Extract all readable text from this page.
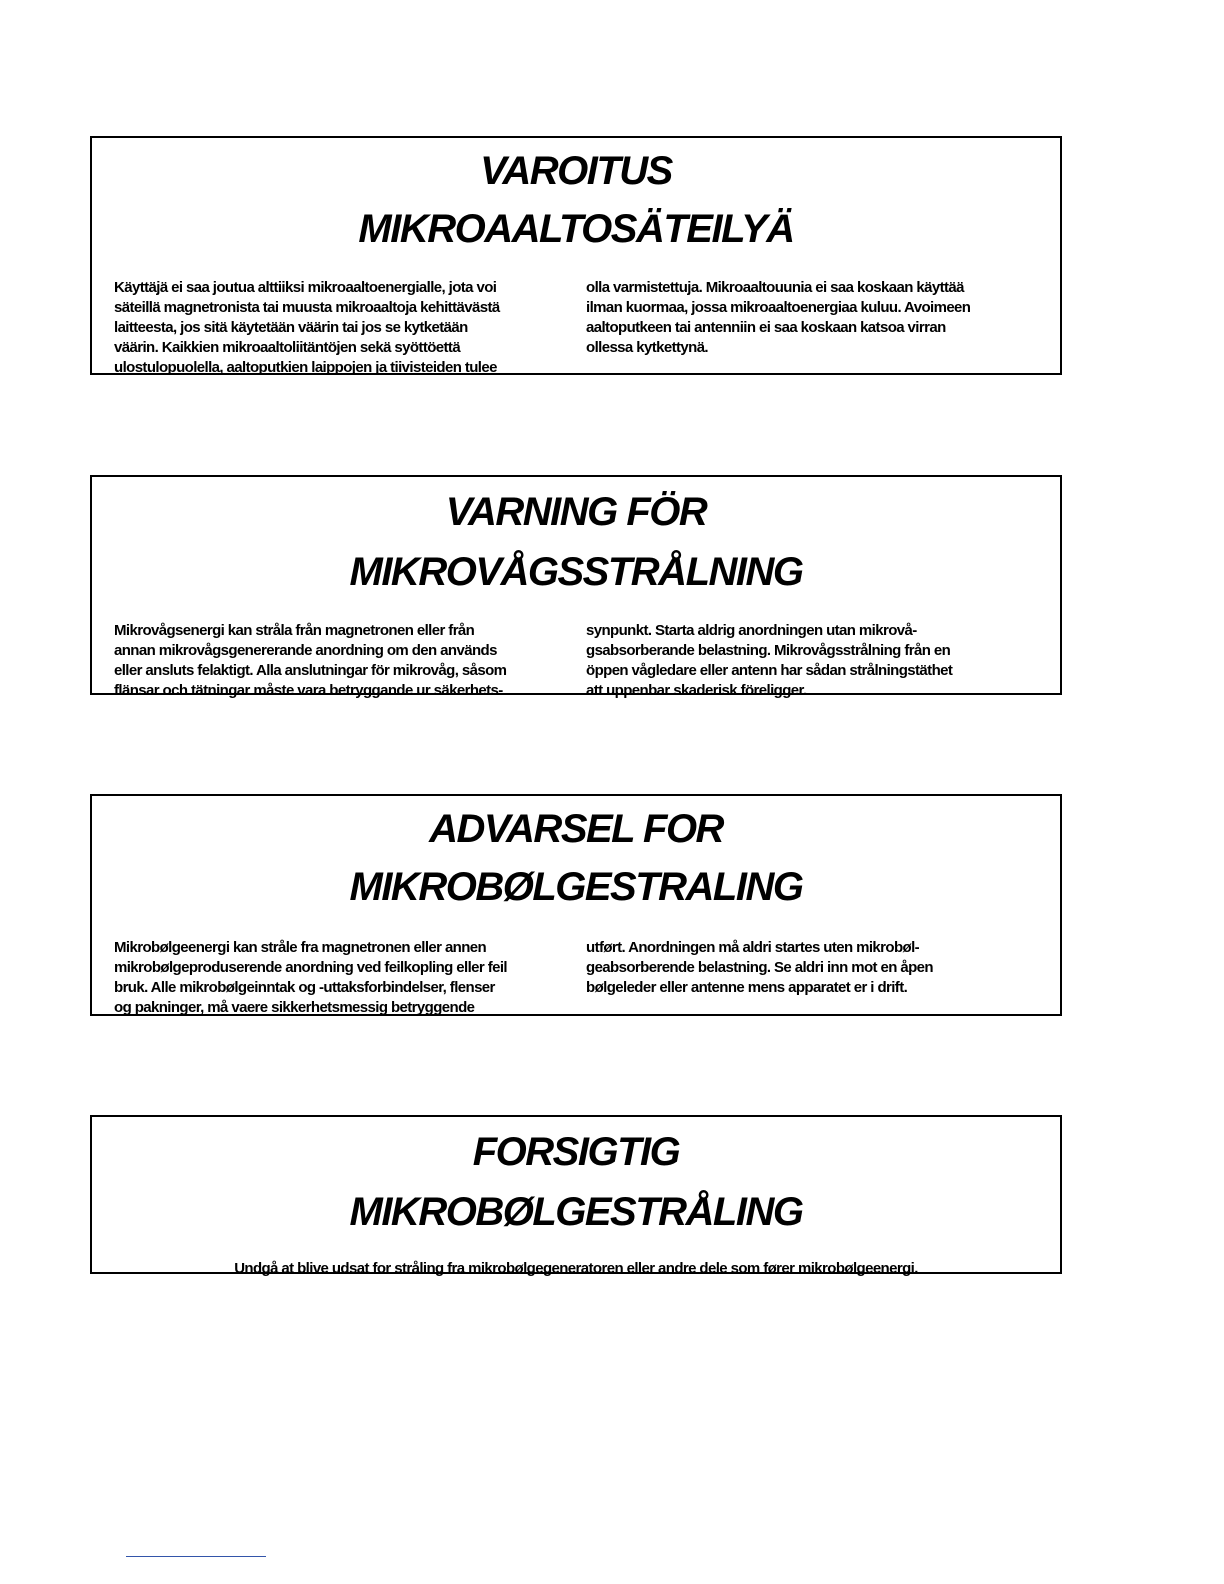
VAROITUS
MIKROAALTOSÄTEILYÄ
Käyttäjä ei saa joutua alttiiksi mikroaaltoenergialle, jota voi
säteillä magnetronista tai muusta mikroaaltoja kehittävästä
laitteesta, jos sitä käytetään väärin tai jos se kytketään
väärin. Kaikkien mikroaaltoliitäntöjen sekä syöttöettä
ulostulopuolella, aaltoputkien laippojen ja tiivisteiden tulee
olla varmistettuja. Mikroaaltouunia ei saa koskaan käyttää
ilman kuormaa, jossa mikroaaltoenergiaa kuluu. Avoimeen
aaltoputkeen tai antenniin ei saa koskaan katsoa virran
ollessa kytkettynä.
VARNING FÖR
MIKROVÅGSSTRÅLNING
Mikrovågsenergi kan stråla från magnetronen eller från
annan mikrovågsgenererande anordning om den används
eller ansluts felaktigt. Alla anslutningar för mikrovåg, såsom
flänsar och tätningar måste vara betryggande ur säkerhets-
synpunkt. Starta aldrig anordningen utan mikrovå-
gsabsorberande belastning. Mikrovågsstrålning från en
öppen vågledare eller antenn har sådan strålningstäthet
att uppenbar skaderisk föreligger.
ADVARSEL FOR
MIKROBØLGESTRALING
Mikrobølgeenergi kan stråle fra magnetronen eller annen
mikrobølgeproduserende anordning ved feilkopling eller feil
bruk. Alle mikrobølgeinntak og -uttaksforbindelser, flenser
og pakninger, må vaere sikkerhetsmessig betryggende
utført. Anordningen må aldri startes uten mikrobøl-
geabsorberende belastning. Se aldri inn mot en åpen
bølgeleder eller antenne mens apparatet er i drift.
FORSIGTIG
MIKROBØLGESTRÅLING
Undgå at blive udsat for stråling fra mikrobølgegeneratoren eller andre dele som fører mikrobølgeenergi.
